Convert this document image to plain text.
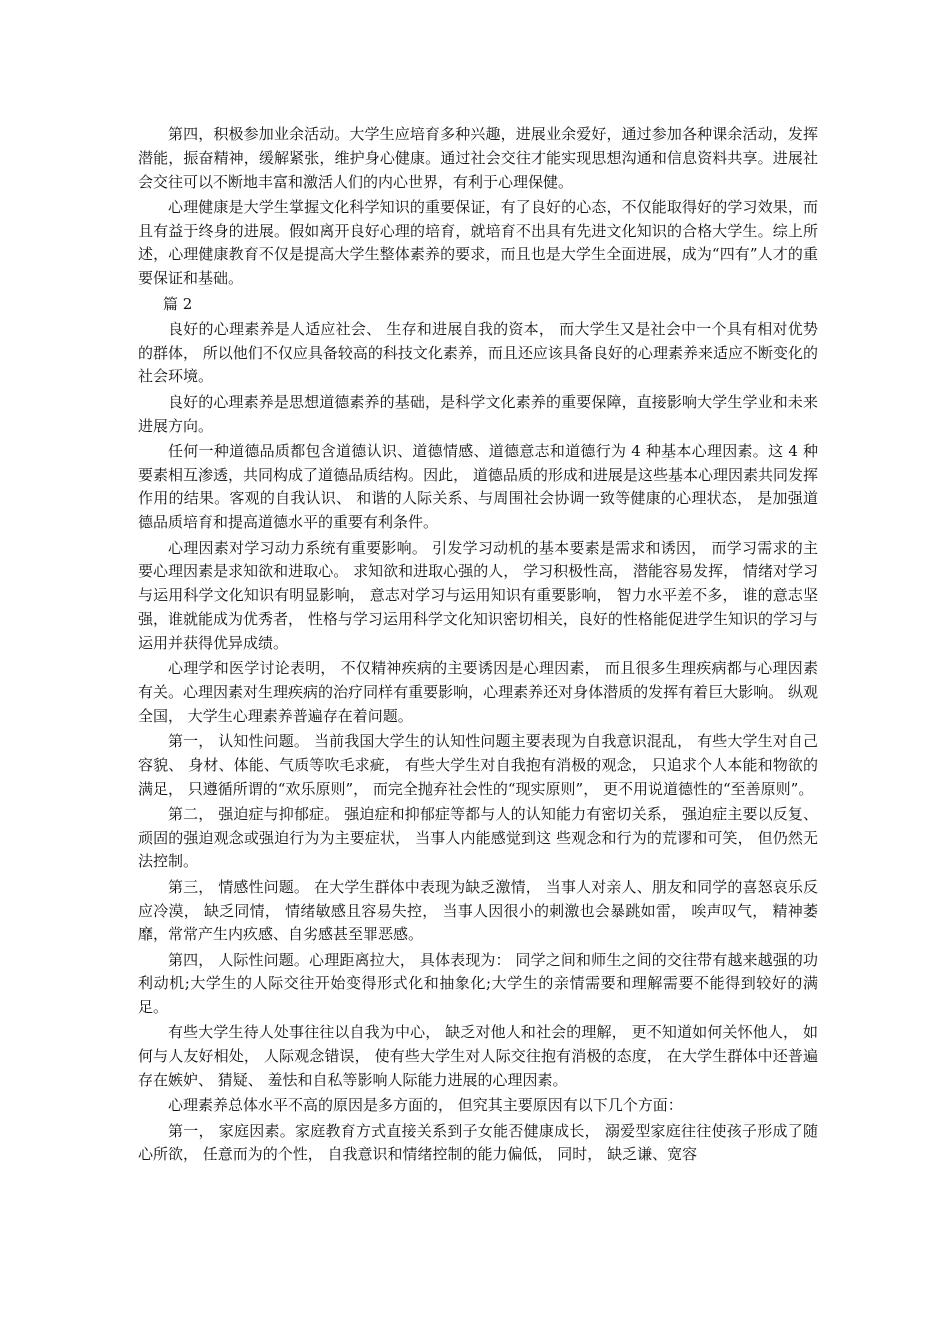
第四，积极参加业余活动。大学生应培育多种兴趣，进展业余爱好，通过参加各种课余活动，发挥潜能，振奋精神，缓解紧张，维护身心健康。通过社会交往才能实现思想沟通和信息资料共享。进展社会交往可以不断地丰富和激活人们的内心世界，有利于心理保健。

心理健康是大学生掌握文化科学知识的重要保证，有了良好的心态，不仅能取得好的学习效果，而且有益于终身的进展。假如离开良好心理的培育，就培育不出具有先进文化知识的合格大学生。综上所述，心理健康教育不仅是提高大学生整体素养的要求，而且也是大学生全面进展，成为“四有”人才的重要保证和基础。

篇 2

良好的心理素养是人适应社会、 生存和进展自我的资本， 而大学生又是社会中一个具有相对优势的群体， 所以他们不仅应具备较高的科技文化素养，而且还应该具备良好的心理素养来适应不断变化的社会环境。

良好的心理素养是思想道德素养的基础，是科学文化素养的重要保障，直接影响大学生学业和未来进展方向。

任何一种道德品质都包含道德认识、道德情感、道德意志和道德行为 4 种基本心理因素。这 4 种要素相互渗透，共同构成了道德品质结构。因此， 道德品质的形成和进展是这些基本心理因素共同发挥作用的结果。客观的自我认识、 和谐的人际关系、与周围社会协调一致等健康的心理状态， 是加强道德品质培育和提高道德水平的重要有利条件。

心理因素对学习动力系统有重要影响。 引发学习动机的基本要素是需求和诱因， 而学习需求的主要心理因素是求知欲和进取心。 求知欲和进取心强的人， 学习积极性高， 潜能容易发挥， 情绪对学习与运用科学文化知识有明显影响， 意志对学习与运用知识有重要影响， 智力水平差不多， 谁的意志坚强，谁就能成为优秀者， 性格与学习运用科学文化知识密切相关，良好的性格能促进学生知识的学习与运用并获得优异成绩。

心理学和医学讨论表明， 不仅精神疾病的主要诱因是心理因素， 而且很多生理疾病都与心理因素有关。心理因素对生理疾病的治疗同样有重要影响，心理素养还对身体潜质的发挥有着巨大影响。 纵观全国， 大学生心理素养普遍存在着问题。

第一， 认知性问题。 当前我国大学生的认知性问题主要表现为自我意识混乱， 有些大学生对自己容貌、 身材、体能、气质等吹毛求疵， 有些大学生对自我抱有消极的观念， 只追求个人本能和物欲的满足， 只遵循所谓的“欢乐原则”， 而完全抛弃社会性的“现实原则”， 更不用说道德性的“至善原则”。

第二， 强迫症与抑郁症。 强迫症和抑郁症等都与人的认知能力有密切关系， 强迫症主要以反复、顽固的强迫观念或强迫行为为主要症状， 当事人内能感觉到这 些观念和行为的荒谬和可笑， 但仍然无法控制。

第三， 情感性问题。 在大学生群体中表现为缺乏激情， 当事人对亲人、朋友和同学的喜怒哀乐反应冷漠， 缺乏同情， 情绪敏感且容易失控， 当事人因很小的刺激也会暴跳如雷， 唉声叹气， 精神萎靡，常常产生内疚感、自劣感甚至罪恶感。

第四， 人际性问题。心理距离拉大， 具体表现为： 同学之间和师生之间的交往带有越来越强的功利动机;大学生的人际交往开始变得形式化和抽象化;大学生的亲情需要和理解需要不能得到较好的满足。

有些大学生待人处事往往以自我为中心， 缺乏对他人和社会的理解， 更不知道如何关怀他人， 如何与人友好相处， 人际观念错误， 使有些大学生对人际交往抱有消极的态度， 在大学生群体中还普遍存在嫉妒、 猜疑、 羞怯和自私等影响人际能力进展的心理因素。

心理素养总体水平不高的原因是多方面的， 但究其主要原因有以下几个方面：

第一， 家庭因素。家庭教育方式直接关系到子女能否健康成长， 溺爱型家庭往往使孩子形成了随心所欲， 任意而为的个性， 自我意识和情绪控制的能力偏低， 同时， 缺乏谦、宽容
